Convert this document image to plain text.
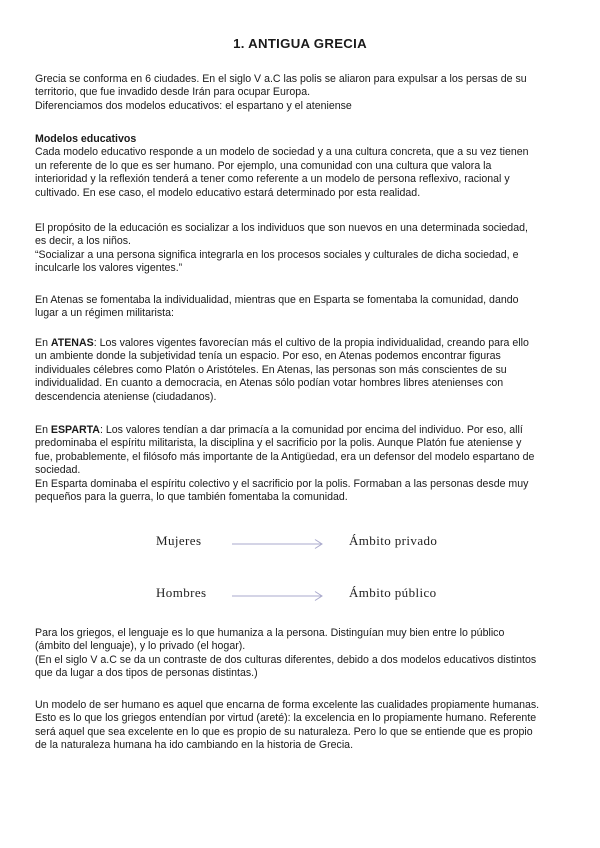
1. ANTIGUA GRECIA
Grecia se conforma en 6 ciudades. En el siglo V a.C las polis se aliaron para expulsar a los persas de su
territorio, que fue invadido desde Irán para ocupar Europa.
Diferenciamos dos modelos educativos: el espartano y el ateniense
Modelos educativos
Cada modelo educativo responde a un modelo de sociedad y a una cultura concreta, que a su vez tienen
un referente de lo que es ser humano. Por ejemplo, una comunidad con una cultura que valora la
interioridad y la reflexión tenderá a tener como referente a un modelo de persona reflexivo, racional y
cultivado. En ese caso, el modelo educativo estará determinado por esta realidad.
El propósito de la educación es socializar a los individuos que son nuevos en una determinada sociedad,
es decir, a los niños.
“Socializar a una persona significa integrarla en los procesos sociales y culturales de dicha sociedad, e
inculcarle los valores vigentes.”
En Atenas se fomentaba la individualidad, mientras que en Esparta se fomentaba la comunidad, dando
lugar a un régimen militarista:
En ATENAS: Los valores vigentes favorecían más el cultivo de la propia individualidad, creando para ello
un ambiente donde la subjetividad tenía un espacio. Por eso, en Atenas podemos encontrar figuras
individuales célebres como Platón o Aristóteles. En Atenas, las personas son más conscientes de su
individualidad. En cuanto a democracia, en Atenas sólo podían votar hombres libres atenienses con
descendencia ateniense (ciudadanos).
En ESPARTA: Los valores tendían a dar primacía a la comunidad por encima del individuo. Por eso, allí
predominaba el espíritu militarista, la disciplina y el sacrificio por la polis. Aunque Platón fue ateniense y
fue, probablemente, el filósofo más importante de la Antigüedad, era un defensor del modelo espartano de
sociedad.
En Esparta dominaba el espíritu colectivo y el sacrificio por la polis. Formaban a las personas desde muy
pequeños para la guerra, lo que también fomentaba la comunidad.
Mujeres	Ámbito privado
Hombres	Ámbito público
Para los griegos, el lenguaje es lo que humaniza a la persona. Distinguían muy bien entre lo público
(ámbito del lenguaje), y lo privado (el hogar).
(En el siglo V a.C se da un contraste de dos culturas diferentes, debido a dos modelos educativos distintos
que da lugar a dos tipos de personas distintas.)
Un modelo de ser humano es aquel que encarna de forma excelente las cualidades propiamente humanas.
Esto es lo que los griegos entendían por virtud (areté): la excelencia en lo propiamente humano. Referente
será aquel que sea excelente en lo que es propio de su naturaleza. Pero lo que se entiende que es propio
de la naturaleza humana ha ido cambiando en la historia de Grecia.
